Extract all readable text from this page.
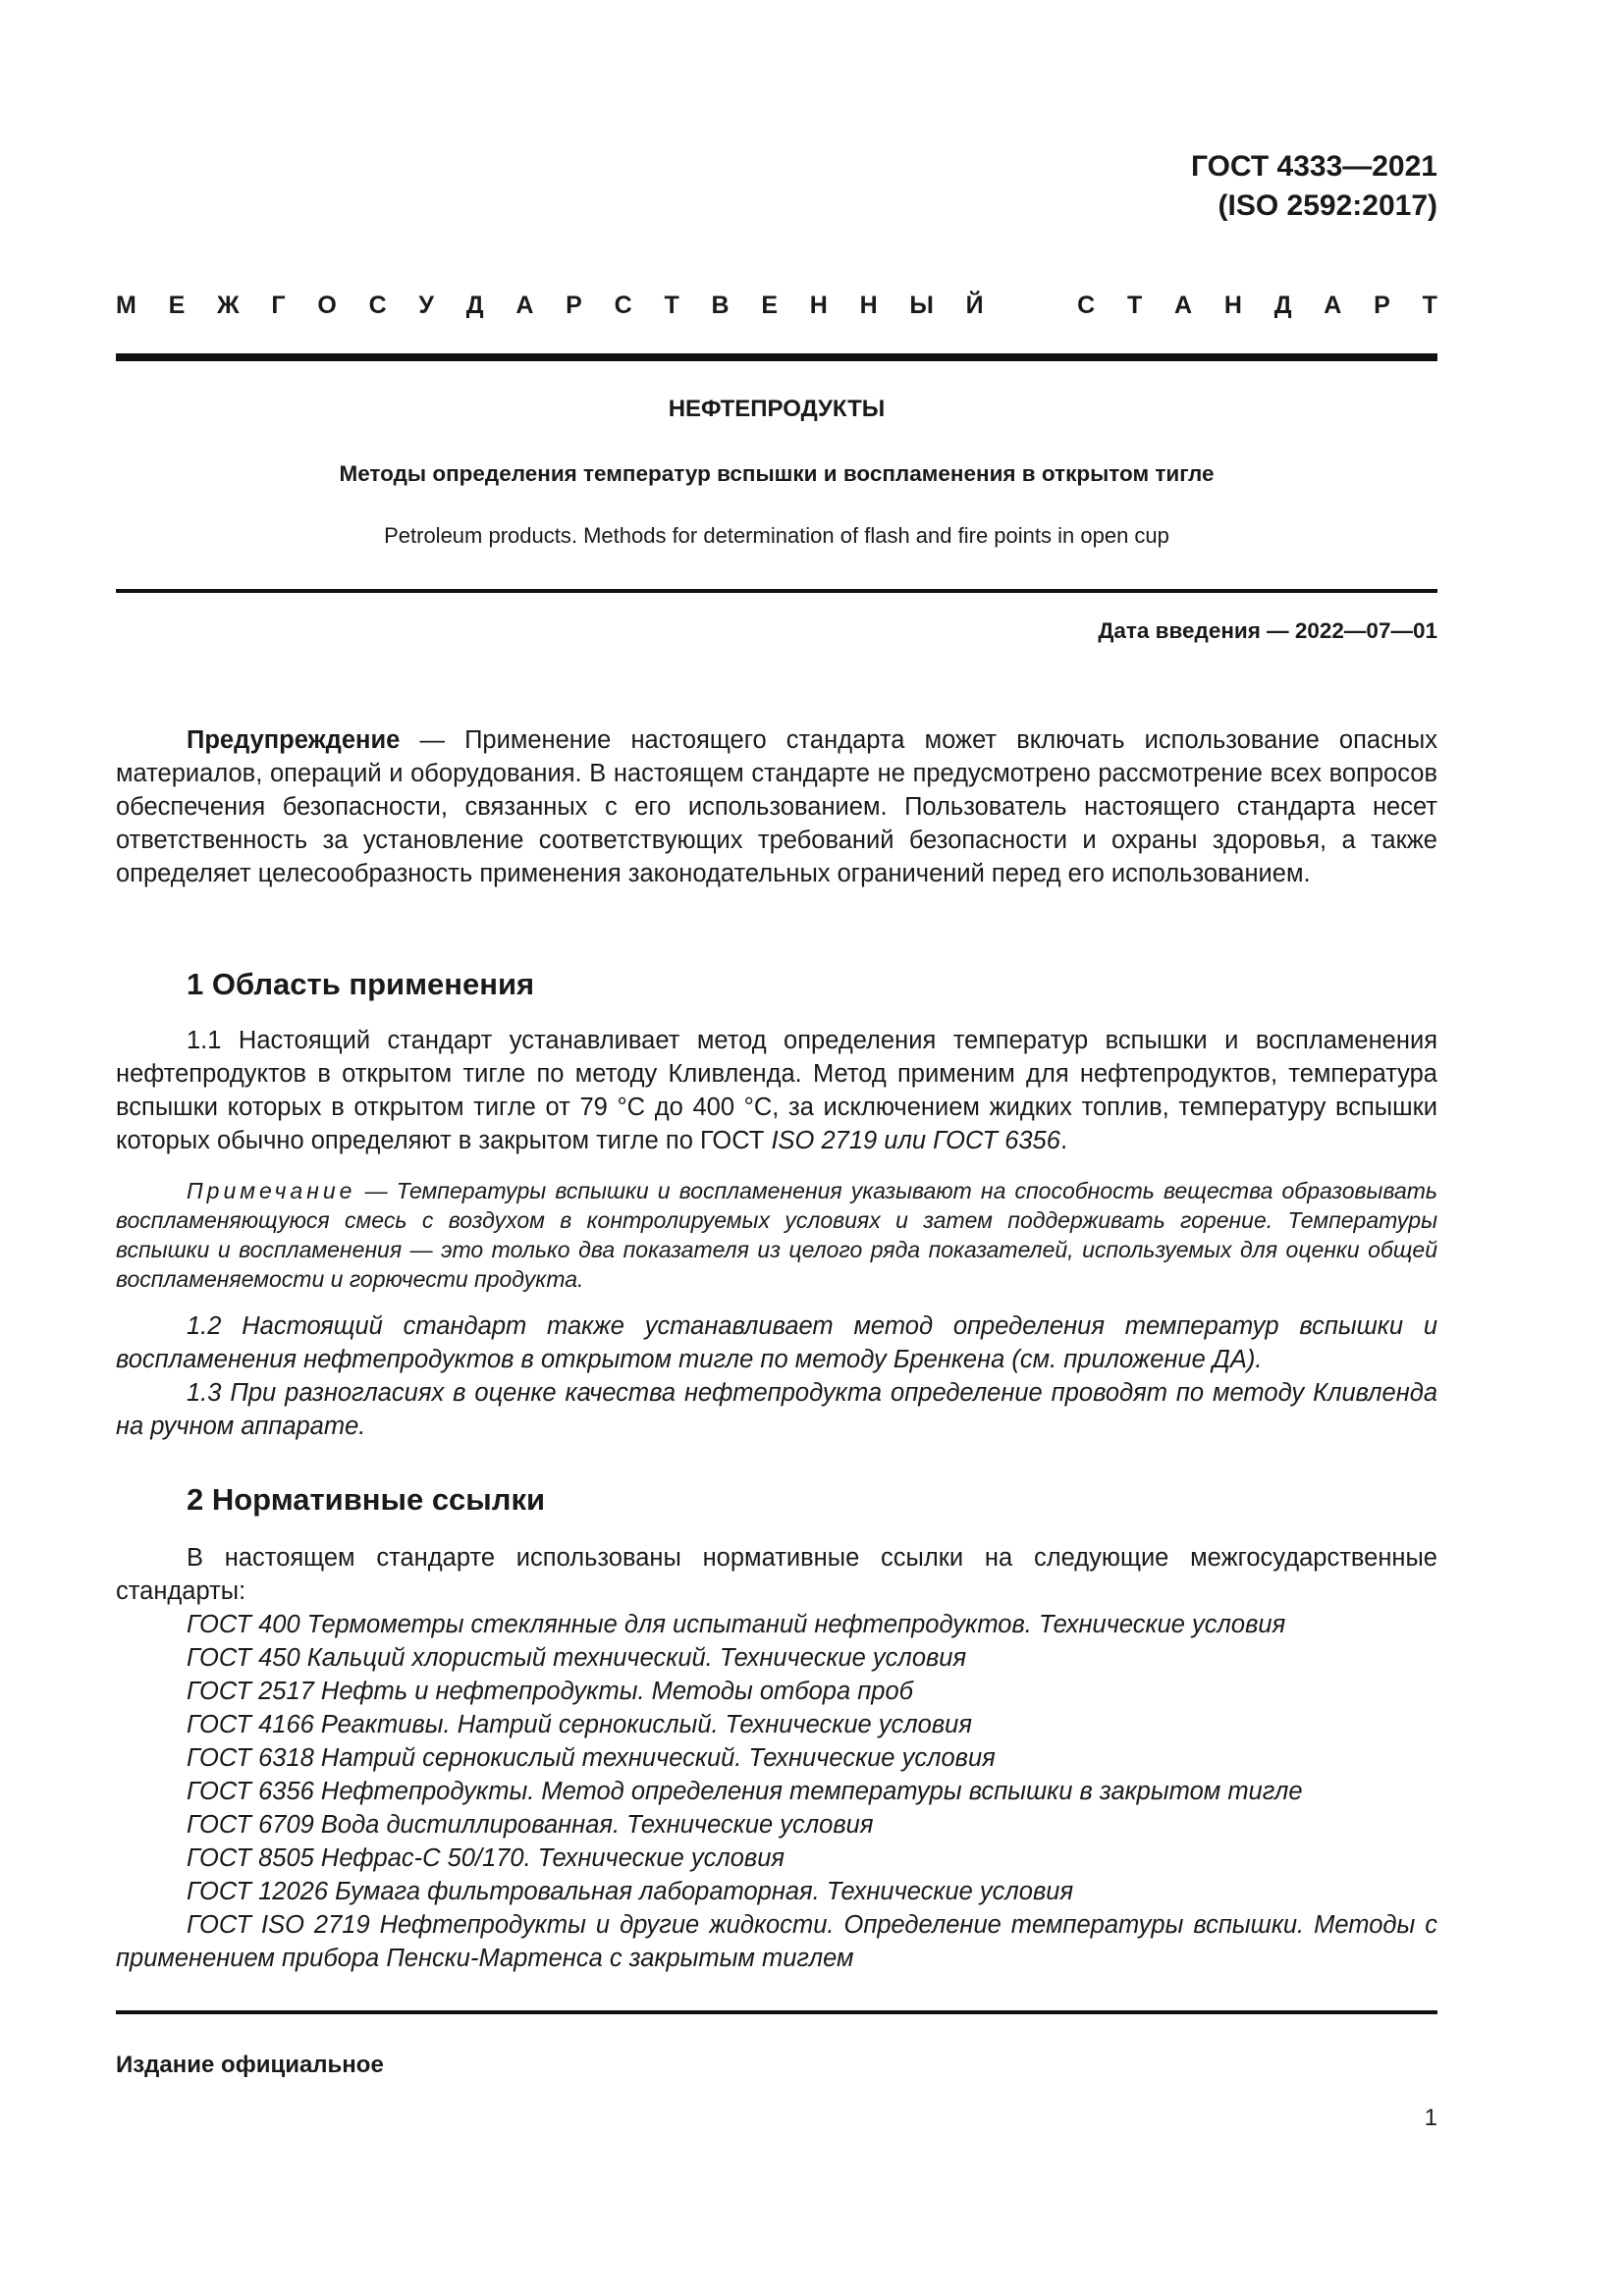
ГОСТ 4333—2021
(ISO 2592:2017)
М Е Ж Г О С У Д А Р С Т В Е Н Н Ы Й	С Т А Н Д А Р Т
НЕФТЕПРОДУКТЫ
Методы определения температур вспышки и воспламенения в открытом тигле
Petroleum products. Methods for determination of flash and fire points in open cup
Дата введения — 2022—07—01

Предупреждение — Применение настоящего стандарта может включать использование опасных материалов, операций и оборудования. В настоящем стандарте не предусмотрено рассмотрение всех вопросов обеспечения безопасности, связанных с его использованием. Пользователь настоящего стандарта несет ответственность за установление соответствующих требований безопасности и охраны здоровья, а также определяет целесообразность применения законодательных ограничений перед его использованием.

1 Область применения

1.1 Настоящий стандарт устанавливает метод определения температур вспышки и воспламенения нефтепродуктов в открытом тигле по методу Кливленда. Метод применим для нефтепродуктов, температура вспышки которых в открытом тигле от 79 °С до 400 °С, за исключением жидких топлив, температуру вспышки которых обычно определяют в закрытом тигле по ГОСТ ISO 2719 или ГОСТ 6356.

Примечание — Температуры вспышки и воспламенения указывают на способность вещества образовывать воспламеняющуюся смесь с воздухом в контролируемых условиях и затем поддерживать горение. Температуры вспышки и воспламенения — это только два показателя из целого ряда показателей, используемых для оценки общей воспламеняемости и горючести продукта.

1.2 Настоящий стандарт также устанавливает метод определения температур вспышки и воспламенения нефтепродуктов в открытом тигле по методу Бренкена (см. приложение ДА).

1.3 При разногласиях в оценке качества нефтепродукта определение проводят по методу Кливленда на ручном аппарате.

2 Нормативные ссылки

В настоящем стандарте использованы нормативные ссылки на следующие межгосударственные стандарты:

ГОСТ 400 Термометры стеклянные для испытаний нефтепродуктов. Технические условия
ГОСТ 450 Кальций хлористый технический. Технические условия
ГОСТ 2517 Нефть и нефтепродукты. Методы отбора проб
ГОСТ 4166 Реактивы. Натрий сернокислый. Технические условия
ГОСТ 6318 Натрий сернокислый технический. Технические условия
ГОСТ 6356 Нефтепродукты. Метод определения температуры вспышки в закрытом тигле
ГОСТ 6709 Вода дистиллированная. Технические условия
ГОСТ 8505 Нефрас-С 50/170. Технические условия
ГОСТ 12026 Бумага фильтровальная лабораторная. Технические условия
ГОСТ ISO 2719 Нефтепродукты и другие жидкости. Определение температуры вспышки. Методы с применением прибора Пенски-Мартенса с закрытым тиглем
Издание официальное
1
